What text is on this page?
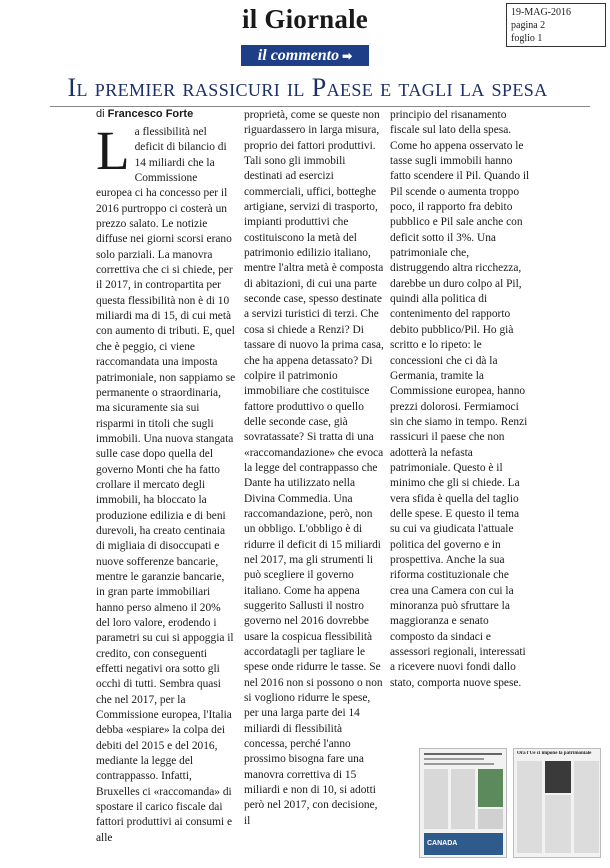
il Giornale	19-MAG-2016
pagina 2
foglio 1
il commento ➡
Il premier rassicuri il Paese e tagli la spesa
di Francesco Forte
La flessibilità nel deficit di bilancio di 14 miliardi che la Commissione europea ci ha concesso per il 2016 purtroppo ci costerà un prezzo salato. Le notizie diffuse nei giorni scorsi erano solo parziali. La manovra correttiva che ci si chiede, per il 2017, in contropartita per questa flessibilità non è di 10 miliardi ma di 15, di cui metà con aumento di tributi. E, quel che è peggio, ci viene raccomandata una imposta patrimoniale, non sappiamo se permanente o straordinaria, ma sicuramente sia sui risparmi in titoli che sugli immobili. Una nuova stangata sulle case dopo quella del governo Monti che ha fatto crollare il mercato degli immobili, ha bloccato la produzione edilizia e di beni durevoli, ha creato centinaia di migliaia di disoccupati e nuove sofferenze bancarie, mentre le garanzie bancarie, in gran parte immobiliari hanno perso almeno il 20% del loro valore, erodendo i parametri su cui si appoggia il credito, con conseguenti effetti negativi ora sotto gli occhi di tutti. Sembra quasi che nel 2017, per la Commissione europea, l'Italia debba «espiare» la colpa dei debiti del 2015 e del 2016, mediante la legge del contrappasso. Infatti, Bruxelles ci «raccomanda» di spostare il carico fiscale dai fattori produttivi ai consumi e alle
proprietà, come se queste non riguardassero in larga misura, proprio dei fattori produttivi. Tali sono gli immobili destinati ad esercizi commerciali, uffici, botteghe artigiane, servizi di trasporto, impianti produttivi che costituiscono la metà del patrimonio edilizio italiano, mentre l'altra metà è composta di abitazioni, di cui una parte seconde case, spesso destinate a servizi turistici di terzi. Che cosa si chiede a Renzi? Di tassare di nuovo la prima casa, che ha appena detassato? Di colpire il patrimonio immobiliare che costituisce fattore produttivo o quello delle seconde case, già sovratassate? Si tratta di una «raccomandazione» che evoca la legge del contrappasso che Dante ha utilizzato nella Divina Commedia. Una raccomandazione, però, non un obbligo. L'obbligo è di ridurre il deficit di 15 miliardi nel 2017, ma gli strumenti li può scegliere il governo italiano. Come ha appena suggerito Sallusti il nostro governo nel 2016 dovrebbe usare la cospicua flessibilità accordatagli per tagliare le spese onde ridurre le tasse. Se nel 2016 non si possono o non si vogliono ridurre le spese, per una larga parte dei 14 miliardi di flessibilità concessa, perché l'anno prossimo bisogna fare una manovra correttiva di 15 miliardi e non di 10, si adotti però nel 2017, con decisione, il
principio del risanamento fiscale sul lato della spesa. Come ho appena osservato le tasse sugli immobili hanno fatto scendere il Pil. Quando il Pil scende o aumenta troppo poco, il rapporto fra debito pubblico e Pil sale anche con deficit sotto il 3%. Una patrimoniale che, distruggendo altra ricchezza, darebbe un duro colpo al Pil, quindi alla politica di contenimento del rapporto debito pubblico/Pil. Ho già scritto e lo ripeto: le concessioni che ci dà la Germania, tramite la Commissione europea, hanno prezzi dolorosi. Fermiamoci sin che siamo in tempo. Renzi rassicuri il paese che non adotterà la nefasta patrimoniale. Questo è il minimo che gli si chiede. La vera sfida è quella del taglio delle spese. E questo il tema su cui va giudicata l'attuale politica del governo e in prospettiva. Anche la sua riforma costituzionale che crea una Camera con cui la minoranza può sfruttare la maggioranza e senato composto da sindaci e assessori regionali, interessati a ricevere nuovi fondi dallo stato, comporta nuove spese.
CANADA
Ora l'Ue ci impone la patrimoniale
